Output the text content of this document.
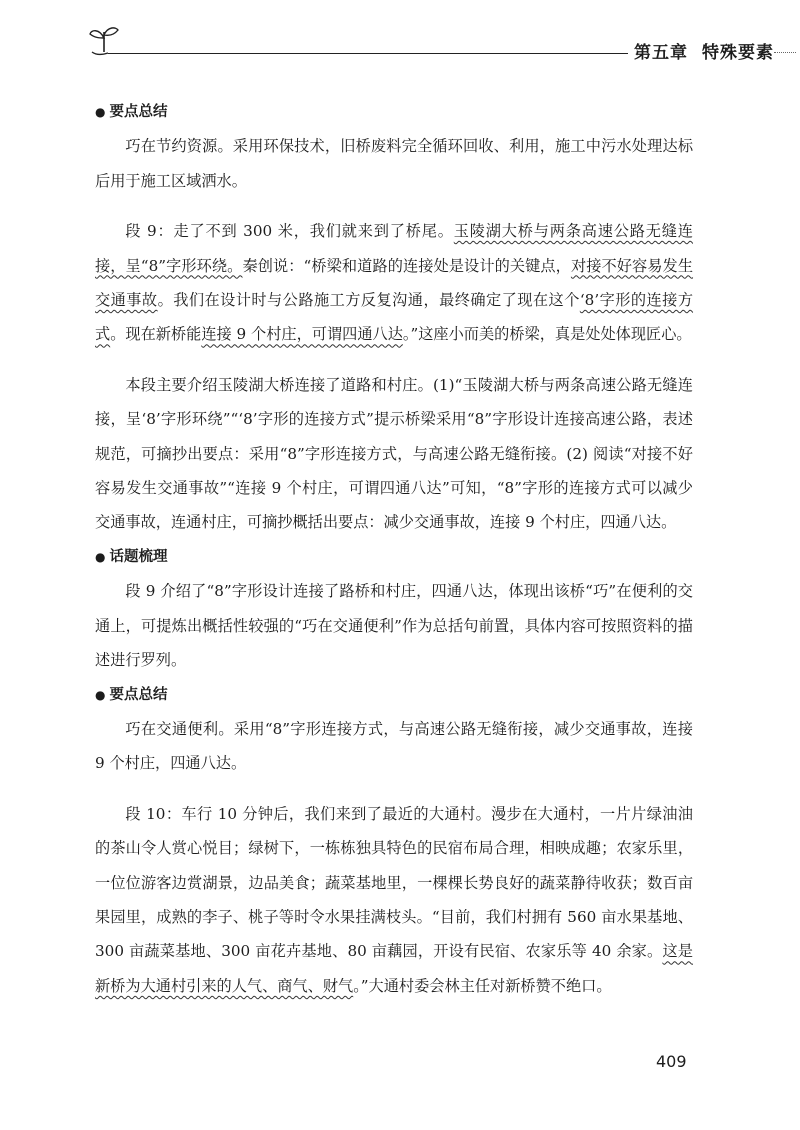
第五章 特殊要素

● 要点总结

巧在节约资源。采用环保技术，旧桥废料完全循环回收、利用，施工中污水处理达标后用于施工区域洒水。

段 9：走了不到 300 米，我们就来到了桥尾。玉陵湖大桥与两条高速公路无缝连接，呈“8”字形环绕。秦创说：“桥梁和道路的连接处是设计的关键点，对接不好容易发生交通事故。我们在设计时与公路施工方反复沟通，最终确定了现在这个‘8’字形的连接方式。现在新桥能连接 9 个村庄，可谓四通八达。”这座小而美的桥梁，真是处处体现匠心。

本段主要介绍玉陵湖大桥连接了道路和村庄。(1)“玉陵湖大桥与两条高速公路无缝连接，呈‘8’字形环绕”“‘8’字形的连接方式”提示桥梁采用“8”字形设计连接高速公路，表述规范，可摘抄出要点：采用“8”字形连接方式，与高速公路无缝衔接。(2) 阅读“对接不好容易发生交通事故”“连接 9 个村庄，可谓四通八达”可知，“8”字形的连接方式可以减少交通事故，连通村庄，可摘抄概括出要点：减少交通事故，连接 9 个村庄，四通八达。

● 话题梳理

段 9 介绍了“8”字形设计连接了路桥和村庄，四通八达，体现出该桥“巧”在便利的交通上，可提炼出概括性较强的“巧在交通便利”作为总括句前置，具体内容可按照资料的描述进行罗列。

● 要点总结

巧在交通便利。采用“8”字形连接方式，与高速公路无缝衔接，减少交通事故，连接 9 个村庄，四通八达。

段 10：车行 10 分钟后，我们来到了最近的大通村。漫步在大通村，一片片绿油油的茶山令人赏心悦目；绿树下，一栋栋独具特色的民宿布局合理，相映成趣；农家乐里，一位位游客边赏湖景，边品美食；蔬菜基地里，一棵棵长势良好的蔬菜静待收获；数百亩果园里，成熟的李子、桃子等时令水果挂满枝头。“目前，我们村拥有 560 亩水果基地、300 亩蔬菜基地、300 亩花卉基地、80 亩藕园，开设有民宿、农家乐等 40 余家。这是新桥为大通村引来的人气、商气、财气。”大通村委会林主任对新桥赞不绝口。

409
